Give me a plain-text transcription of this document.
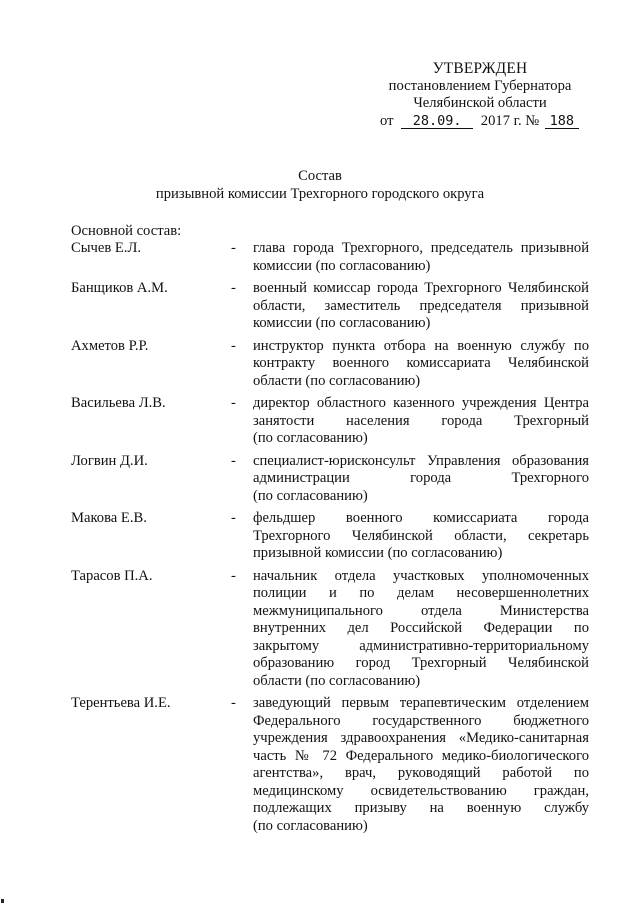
УТВЕРЖДЕН
постановлением Губернатора
Челябинской области
от 28.09. 2017 г. № 188
Состав
призывной комиссии Трехгорного городского округа
Основной состав:
Сычев Е.Л.	-	глава города Трехгорного, председатель призывной
комиссии (по согласованию)
Банщиков А.М.	-	военный комиссар города Трехгорного Челябинской
области, заместитель председателя призывной
комиссии (по согласованию)
Ахметов Р.Р.	-	инструктор пункта отбора на военную службу по
контракту военного комиссариата Челябинской
области (по согласованию)
Васильева Л.В.	-	директор областного казенного учреждения Центра
занятости населения города Трехгорный
(по согласованию)
Логвин Д.И.	-	специалист-юрисконсульт Управления образования
администрации города Трехгорного
(по согласованию)
Макова Е.В.	-	фельдшер военного комиссариата города
Трехгорного Челябинской области, секретарь
призывной комиссии (по согласованию)
Тарасов П.А.	-	начальник отдела участковых уполномоченных
полиции и по делам несовершеннолетних
межмуниципального отдела Министерства
внутренних дел Российской Федерации по
закрытому административно-территориальному
образованию город Трехгорный Челябинской
области (по согласованию)
Терентьева И.Е.	-	заведующий первым терапевтическим отделением
Федерального государственного бюджетного
учреждения здравоохранения «Медико-санитарная
часть № 72 Федерального медико-биологического
агентства», врач, руководящий работой по
медицинскому освидетельствованию граждан,
подлежащих призыву на военную службу
(по согласованию)
